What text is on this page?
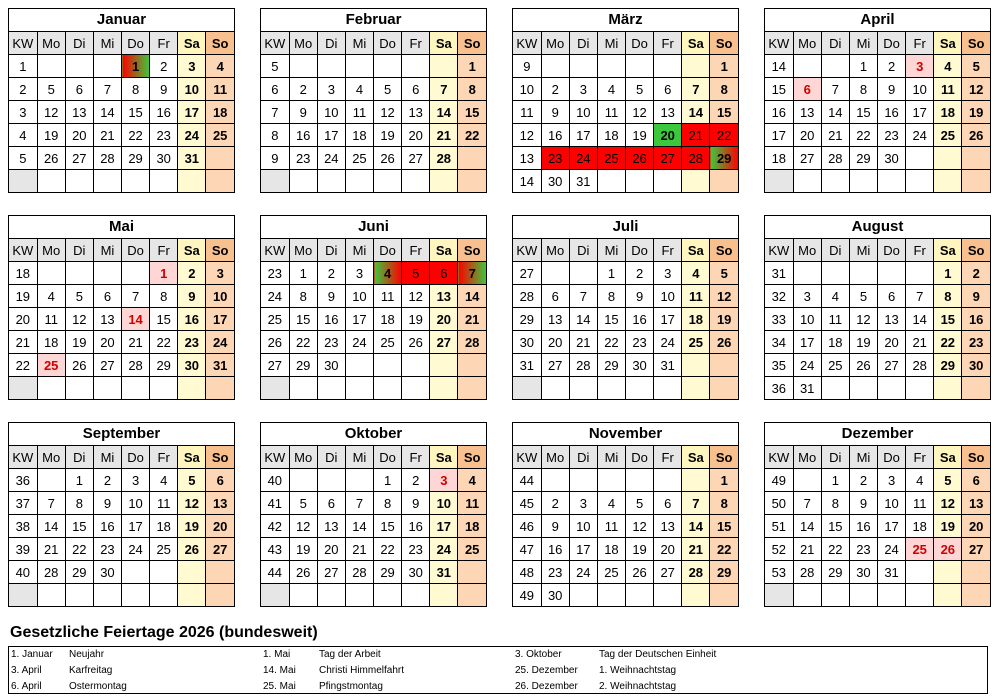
Januar
KW	Mo	Di	Mi	Do	Fr	Sa	So
1				1	2	3	4
2	5	6	7	8	9	10	11
3	12	13	14	15	16	17	18
4	19	20	21	22	23	24	25
5	26	27	28	29	30	31	

Februar
KW	Mo	Di	Mi	Do	Fr	Sa	So
5							1
6	2	3	4	5	6	7	8
7	9	10	11	12	13	14	15
8	16	17	18	19	20	21	22
9	23	24	25	26	27	28	

März
KW	Mo	Di	Mi	Do	Fr	Sa	So
9							1
10	2	3	4	5	6	7	8
11	9	10	11	12	13	14	15
12	16	17	18	19	20	21	22
13	23	24	25	26	27	28	29
14	30	31					
April
KW	Mo	Di	Mi	Do	Fr	Sa	So
14			1	2	3	4	5
15	6	7	8	9	10	11	12
16	13	14	15	16	17	18	19
17	20	21	22	23	24	25	26
18	27	28	29	30			

Mai
KW	Mo	Di	Mi	Do	Fr	Sa	So
18					1	2	3
19	4	5	6	7	8	9	10
20	11	12	13	14	15	16	17
21	18	19	20	21	22	23	24
22	25	26	27	28	29	30	31

Juni
KW	Mo	Di	Mi	Do	Fr	Sa	So
23	1	2	3	4	5	6	7
24	8	9	10	11	12	13	14
25	15	16	17	18	19	20	21
26	22	23	24	25	26	27	28
27	29	30					

Juli
KW	Mo	Di	Mi	Do	Fr	Sa	So
27			1	2	3	4	5
28	6	7	8	9	10	11	12
29	13	14	15	16	17	18	19
30	20	21	22	23	24	25	26
31	27	28	29	30	31		

August
KW	Mo	Di	Mi	Do	Fr	Sa	So
31						1	2
32	3	4	5	6	7	8	9
33	10	11	12	13	14	15	16
34	17	18	19	20	21	22	23
35	24	25	26	27	28	29	30
36	31						
September
KW	Mo	Di	Mi	Do	Fr	Sa	So
36		1	2	3	4	5	6
37	7	8	9	10	11	12	13
38	14	15	16	17	18	19	20
39	21	22	23	24	25	26	27
40	28	29	30				

Oktober
KW	Mo	Di	Mi	Do	Fr	Sa	So
40				1	2	3	4
41	5	6	7	8	9	10	11
42	12	13	14	15	16	17	18
43	19	20	21	22	23	24	25
44	26	27	28	29	30	31	

November
KW	Mo	Di	Mi	Do	Fr	Sa	So
44							1
45	2	3	4	5	6	7	8
46	9	10	11	12	13	14	15
47	16	17	18	19	20	21	22
48	23	24	25	26	27	28	29
49	30						
Dezember
KW	Mo	Di	Mi	Do	Fr	Sa	So
49		1	2	3	4	5	6
50	7	8	9	10	11	12	13
51	14	15	16	17	18	19	20
52	21	22	23	24	25	26	27
53	28	29	30	31			

Gesetzliche Feiertage 2026 (bundesweit)
1. Januar Neujahr
3. April	Karfreitag
6. April	Ostermontag
1. Mai	Tag der Arbeit
14. Mai Christi Himmelfahrt
25. Mai Pfingstmontag
3. Oktober	Tag der Deutschen Einheit
25. Dezember 1. Weihnachtstag
26. Dezember 2. Weihnachtstag
